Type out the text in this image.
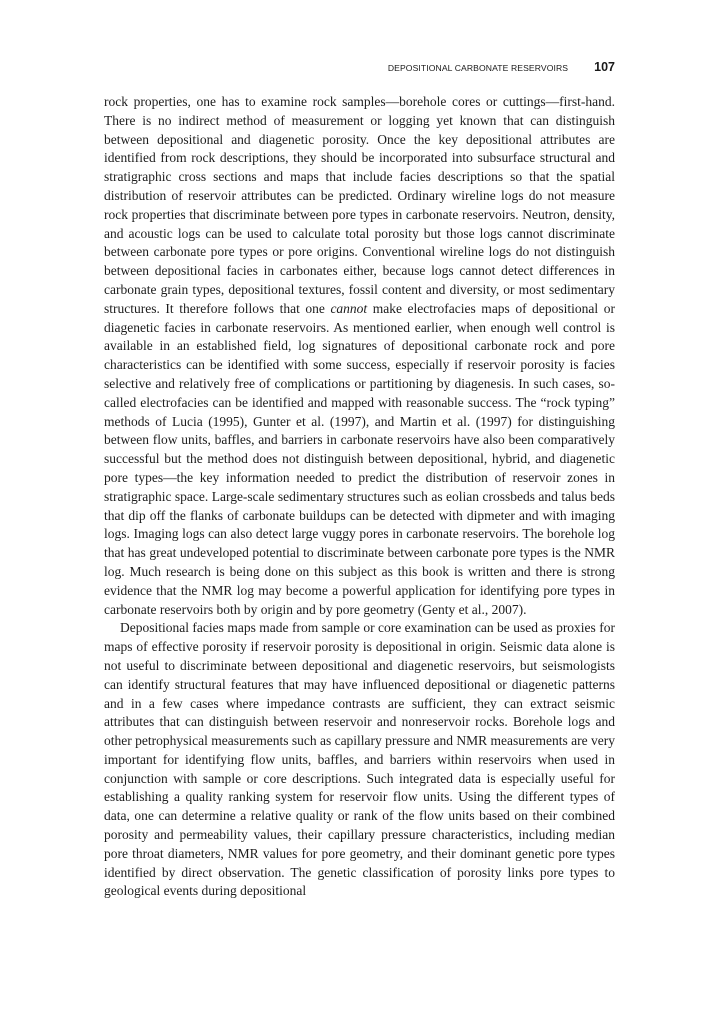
DEPOSITIONAL CARBONATE RESERVOIRS 107

rock properties, one has to examine rock samples—borehole cores or cuttings—first-hand. There is no indirect method of measurement or logging yet known that can distinguish between depositional and diagenetic porosity. Once the key depositional attributes are identified from rock descriptions, they should be incorporated into subsurface structural and stratigraphic cross sections and maps that include facies descriptions so that the spatial distribution of reservoir attributes can be predicted. Ordinary wireline logs do not measure rock properties that discriminate between pore types in carbonate reservoirs. Neutron, density, and acoustic logs can be used to calculate total porosity but those logs cannot discriminate between carbonate pore types or pore origins. Conventional wireline logs do not distinguish between depositional facies in carbonates either, because logs cannot detect differences in carbonate grain types, depositional textures, fossil content and diversity, or most sedimentary structures. It therefore follows that one cannot make electrofacies maps of depositional or diagenetic facies in carbonate reservoirs. As mentioned earlier, when enough well control is available in an established field, log signatures of depositional carbonate rock and pore characteristics can be identified with some success, especially if reservoir porosity is facies selective and relatively free of complications or partitioning by diagenesis. In such cases, so-called electrofacies can be identified and mapped with reasonable success. The “rock typing” methods of Lucia (1995), Gunter et al. (1997), and Martin et al. (1997) for distinguishing between flow units, baffles, and barriers in carbonate reservoirs have also been comparatively successful but the method does not distinguish between depositional, hybrid, and diagenetic pore types—the key information needed to predict the distribution of reservoir zones in stratigraphic space. Large-scale sedimentary structures such as eolian crossbeds and talus beds that dip off the flanks of carbonate buildups can be detected with dipmeter and with imaging logs. Imaging logs can also detect large vuggy pores in carbonate reservoirs. The borehole log that has great undeveloped potential to discriminate between carbonate pore types is the NMR log. Much research is being done on this subject as this book is written and there is strong evidence that the NMR log may become a powerful application for identifying pore types in carbonate reservoirs both by origin and by pore geometry (Genty et al., 2007).

Depositional facies maps made from sample or core examination can be used as proxies for maps of effective porosity if reservoir porosity is depositional in origin. Seismic data alone is not useful to discriminate between depositional and diagenetic reservoirs, but seismologists can identify structural features that may have influenced depositional or diagenetic patterns and in a few cases where impedance contrasts are sufficient, they can extract seismic attributes that can distinguish between reservoir and nonreservoir rocks. Borehole logs and other petrophysical measurements such as capillary pressure and NMR measurements are very important for identifying flow units, baffles, and barriers within reservoirs when used in conjunction with sample or core descriptions. Such integrated data is especially useful for establishing a quality ranking system for reservoir flow units. Using the different types of data, one can determine a relative quality or rank of the flow units based on their combined porosity and permeability values, their capillary pressure characteristics, including median pore throat diameters, NMR values for pore geometry, and their dominant genetic pore types identified by direct observation. The genetic classification of porosity links pore types to geological events during depositional
